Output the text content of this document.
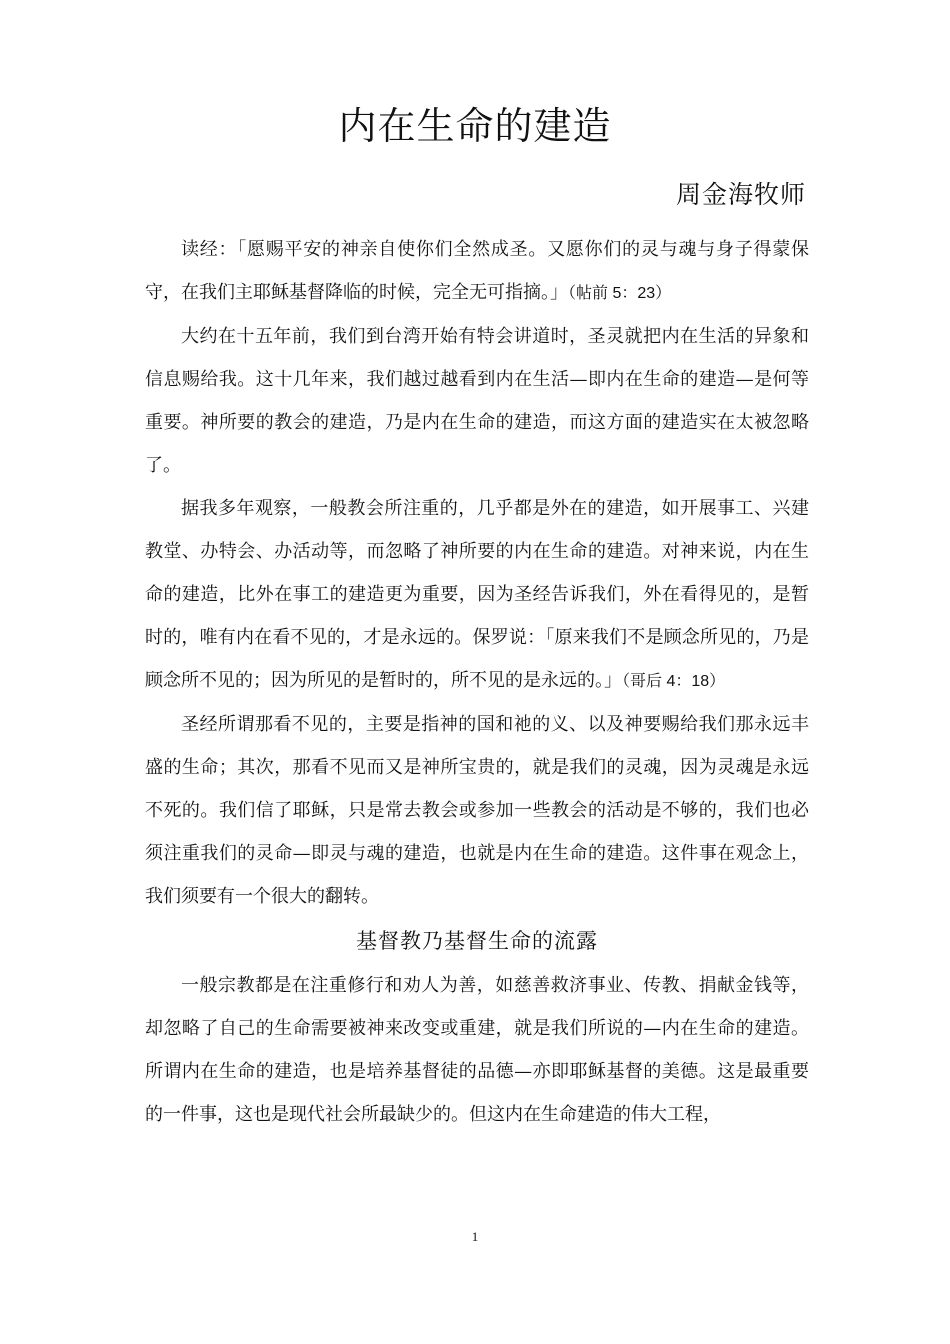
内在生命的建造

周金海牧师

读经：「愿赐平安的神亲自使你们全然成圣。又愿你们的灵与魂与身子得蒙保守，在我们主耶稣基督降临的时候，完全无可指摘。」（帖前 5：23）

大约在十五年前，我们到台湾开始有特会讲道时，圣灵就把内在生活的异象和信息赐给我。这十几年来，我们越过越看到内在生活—即内在生命的建造—是何等重要。神所要的教会的建造，乃是内在生命的建造，而这方面的建造实在太被忽略了。

据我多年观察，一般教会所注重的，几乎都是外在的建造，如开展事工、兴建教堂、办特会、办活动等，而忽略了神所要的内在生命的建造。对神来说，内在生命的建造，比外在事工的建造更为重要，因为圣经告诉我们，外在看得见的，是暂时的，唯有内在看不见的，才是永远的。保罗说：「原来我们不是顾念所见的，乃是顾念所不见的；因为所见的是暂时的，所不见的是永远的。」（哥后 4：18）

圣经所谓那看不见的，主要是指神的国和祂的义、以及神要赐给我们那永远丰盛的生命；其次，那看不见而又是神所宝贵的，就是我们的灵魂，因为灵魂是永远不死的。我们信了耶稣，只是常去教会或参加一些教会的活动是不够的，我们也必须注重我们的灵命—即灵与魂的建造，也就是内在生命的建造。这件事在观念上，我们须要有一个很大的翻转。

基督教乃基督生命的流露

一般宗教都是在注重修行和劝人为善，如慈善救济事业、传教、捐献金钱等，却忽略了自己的生命需要被神来改变或重建，就是我们所说的—内在生命的建造。所谓内在生命的建造，也是培养基督徒的品德—亦即耶稣基督的美德。这是最重要的一件事，这也是现代社会所最缺少的。但这内在生命建造的伟大工程，

1
